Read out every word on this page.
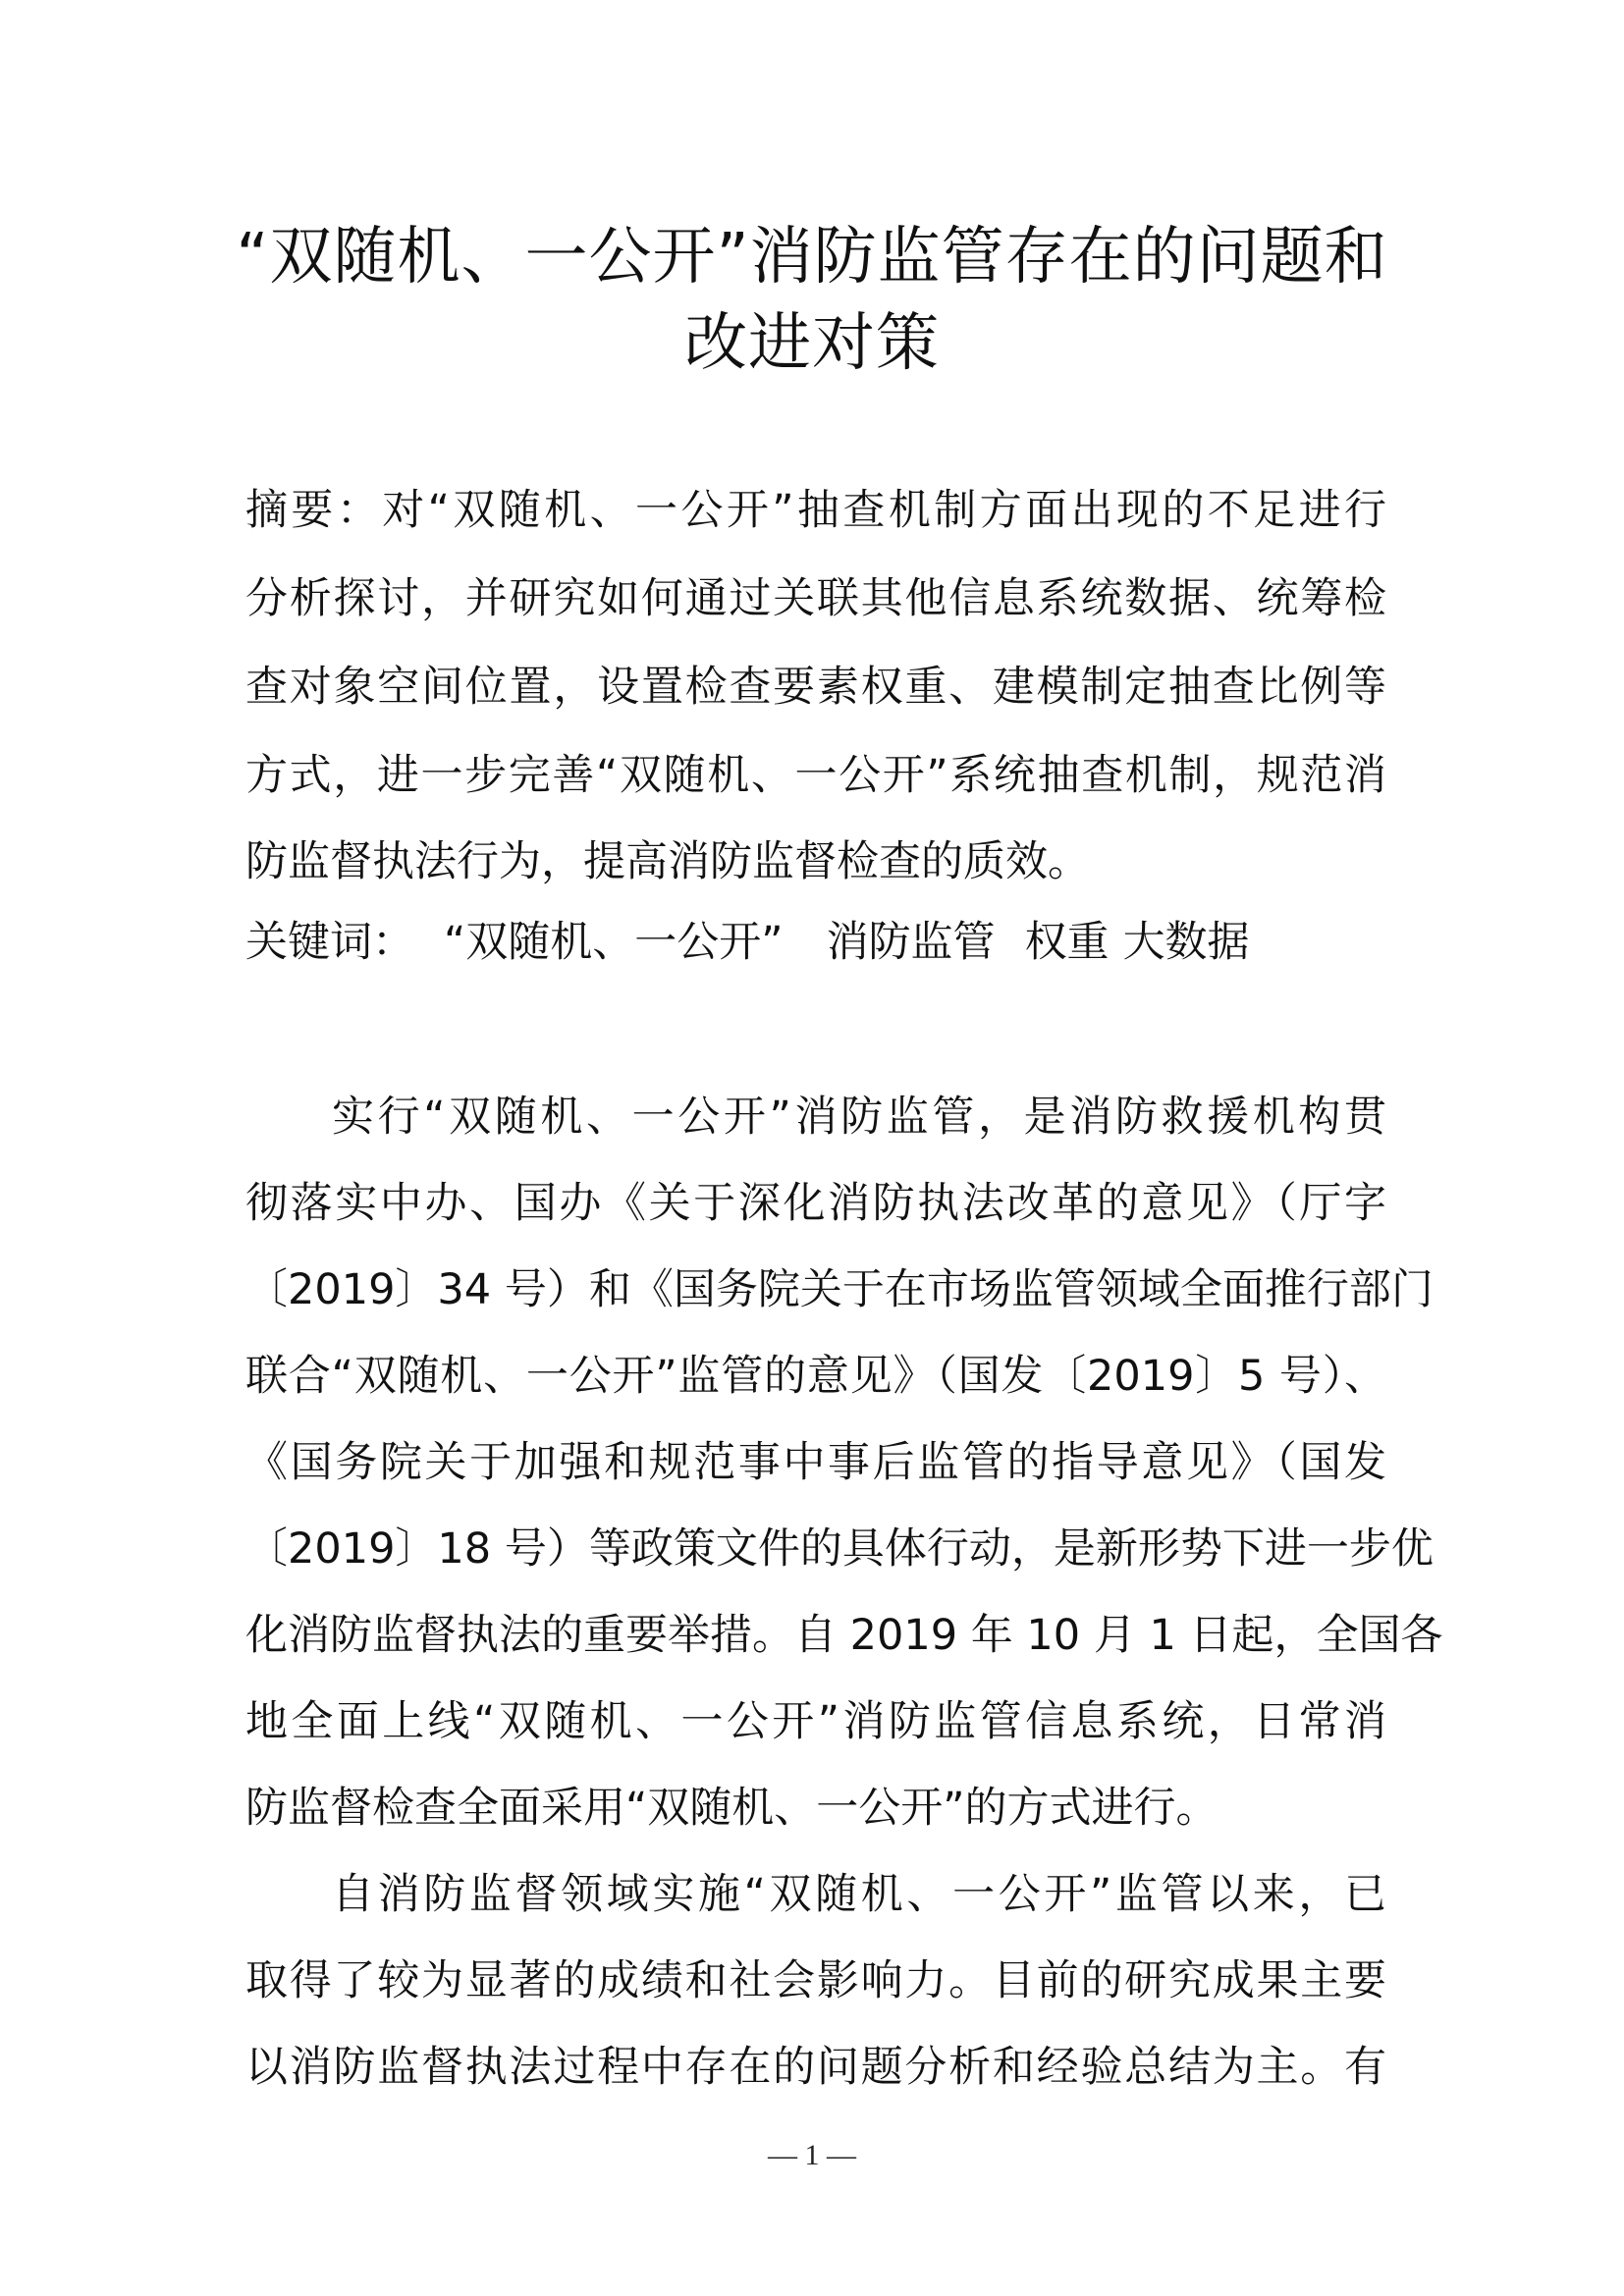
“双随机、一公开”消防监管存在的问题和
改进对策

摘要：对“双随机、一公开”抽查机制方面出现的不足进行

分析探讨，并研究如何通过关联其他信息系统数据、统筹检

查对象空间位置，设置检查要素权重、建模制定抽查比例等

方式，进一步完善“双随机、一公开”系统抽查机制，规范消

防监督执法行为，提高消防监督检查的质效。

关键词： “双随机、一公开” 消防监管 权重 大数据

实行“双随机、一公开”消防监管，是消防救援机构贯

彻落实中办、国办《关于深化消防执法改革的意见》（厅字

〔2019〕34 号）和《国务院关于在市场监管领域全面推行部门

联合“双随机、一公开”监管的意见》（国发〔2019〕5 号）、

《国务院关于加强和规范事中事后监管的指导意见》（国发

〔2019〕18 号）等政策文件的具体行动，是新形势下进一步优

化消防监督执法的重要举措。自 2019 年 10 月 1 日起，全国各

地全面上线“双随机、一公开”消防监管信息系统，日常消

防监督检查全面采用“双随机、一公开”的方式进行。

自消防监督领域实施“双随机、一公开”监管以来，已

取得了较为显著的成绩和社会影响力。目前的研究成果主要

以消防监督执法过程中存在的问题分析和经验总结为主。有

— 1 —
